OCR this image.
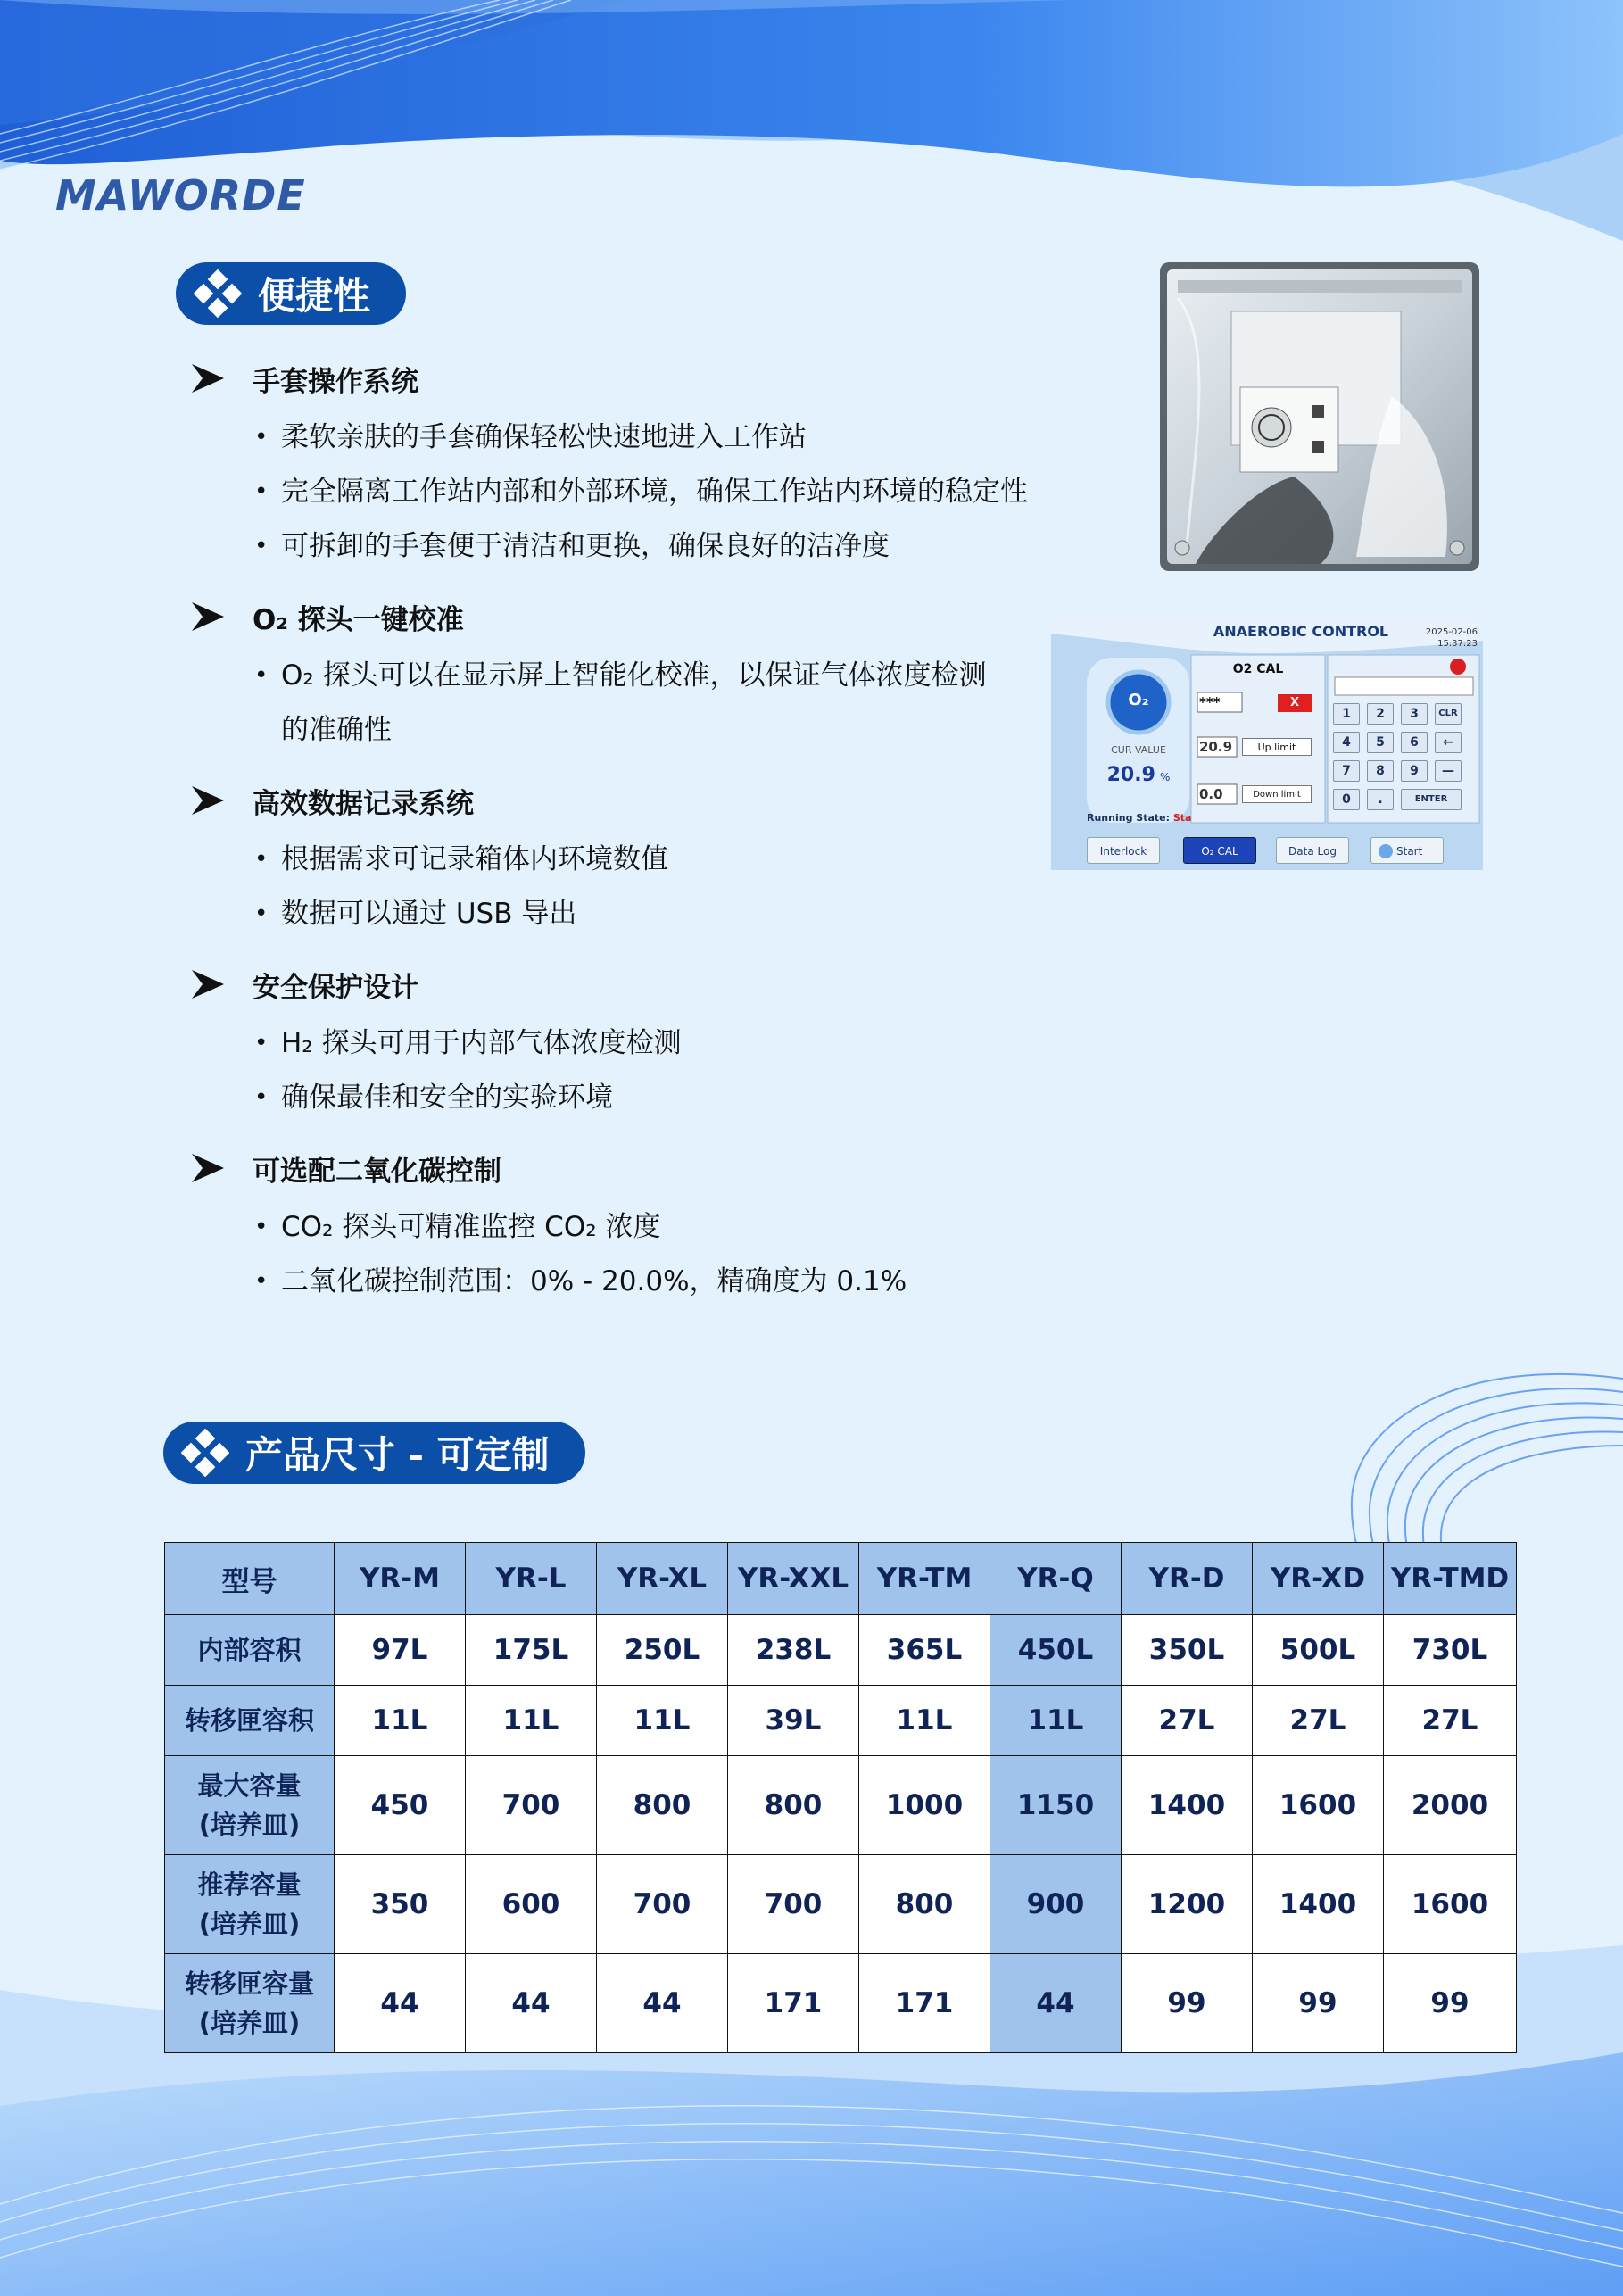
MAWORDE
便捷性
手套操作系统
• 柔软亲肤的手套确保轻松快速地进入工作站
• 完全隔离工作站内部和外部环境，确保工作站内环境的稳定性
• 可拆卸的手套便于清洁和更换，确保良好的洁净度
O₂ 探头一键校准
• O₂ 探头可以在显示屏上智能化校准，以保证气体浓度检测的准确性
高效数据记录系统
• 根据需求可记录箱体内环境数值
• 数据可以通过 USB 导出
安全保护设计
• H₂ 探头可用于内部气体浓度检测
• 确保最佳和安全的实验环境
可选配二氧化碳控制
• CO₂ 探头可精准监控 CO₂ 浓度
• 二氧化碳控制范围：0% - 20.0%，精确度为 0.1%
ANAEROBIC CONTROL	2025-02-06
15:37:23
O₂
CUR VALUE
20.9 %
Running State: Sta
O2 CAL
***	X
20.9	Up limit
0.0	Down limit
1	2	3	CLR
4	5	6	←
7	8	9	—
0	.	ENTER
Interlock	O₂ CAL	Data Log	Start
产品尺寸 - 可定制
型号	YR-M	YR-L	YR-XL	YR-XXL	YR-TM	YR-Q	YR-D	YR-XD	YR-TMD

内部容积	97L	175L	250L	238L	365L	450L	350L	500L	730L

转移匣容积	11L	11L	11L	39L	11L	11L	27L	27L	27L

最大容量
(培养皿)	450	700	800	800	1000	1150	1400	1600	2000

推荐容量
(培养皿)	350	600	700	700	800	900	1200	1400	1600

转移匣容量
(培养皿)	44	44	44	171	171	44	99	99	99
